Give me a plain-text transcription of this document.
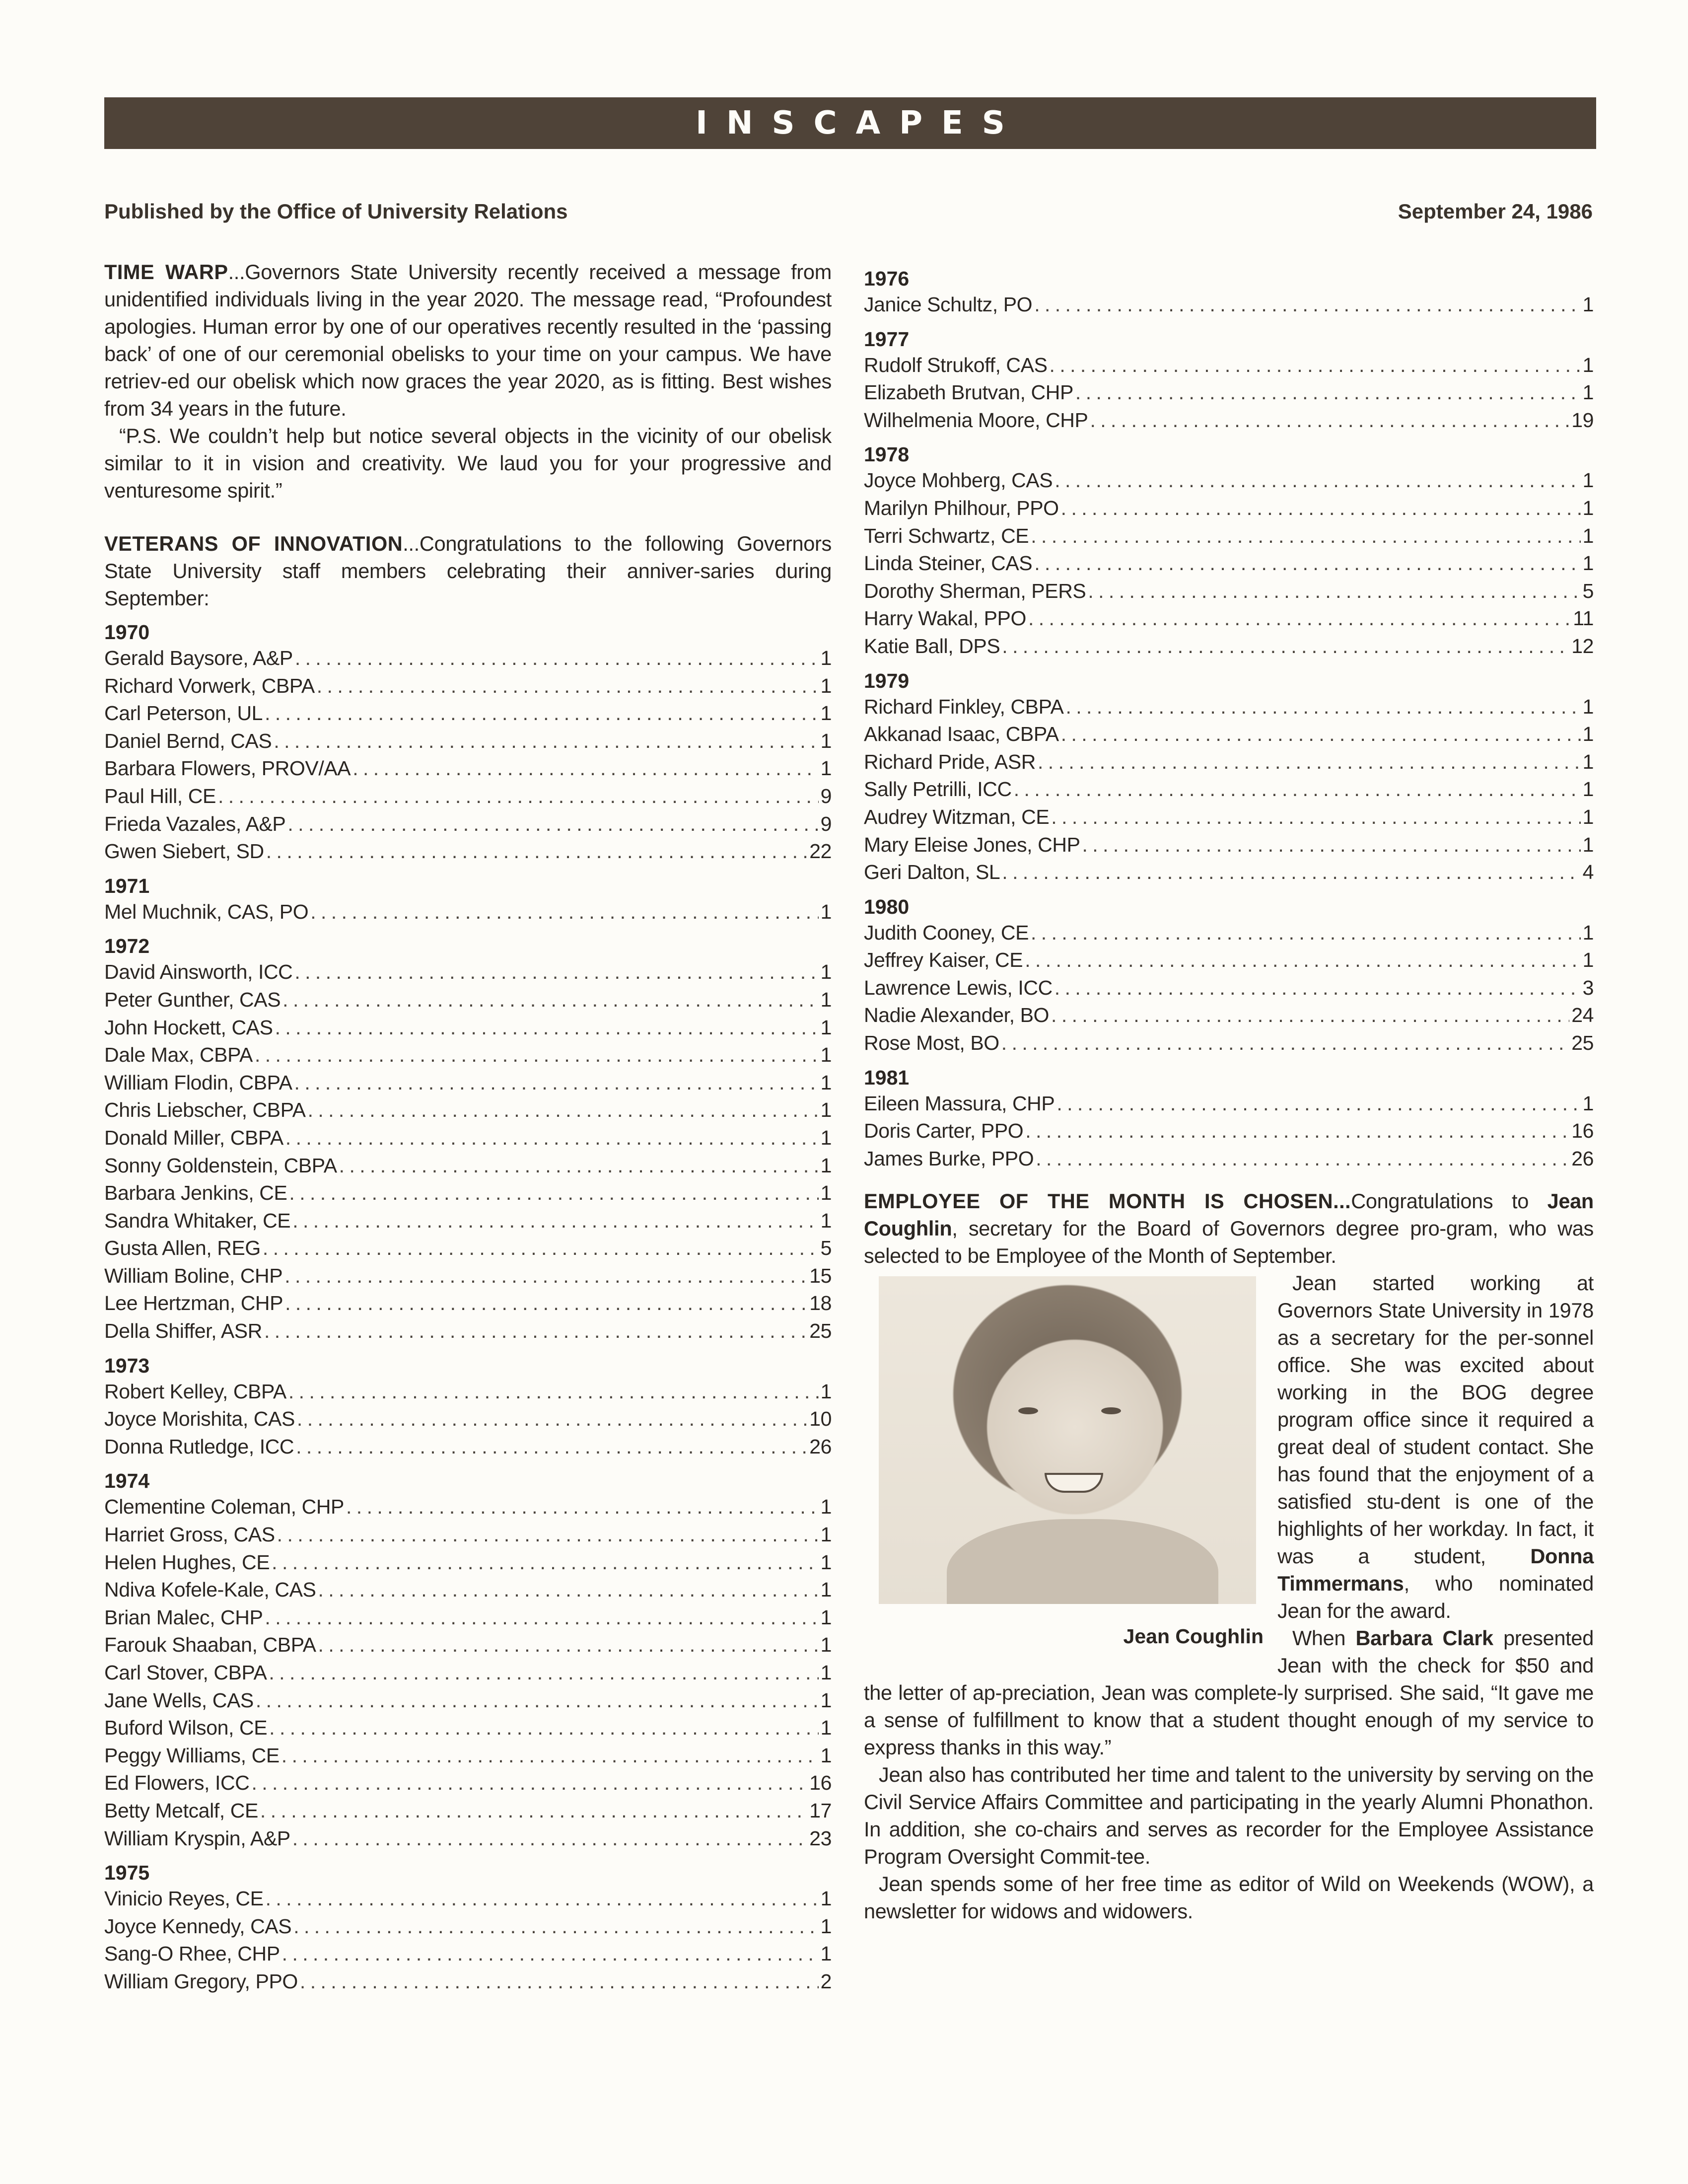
INSCAPES
Published by the Office of University Relations	September 24, 1986

TIME WARP...Governors State University recently received a message from unidentified individuals living in the year 2020. The message read, “Profoundest apologies. Human error by one of our operatives recently resulted in the ‘passing back’ of one of our ceremonial obelisks to your time on your campus. We have retriev-ed our obelisk which now graces the year 2020, as is fitting. Best wishes from 34 years in the future.

“P.S. We couldn’t help but notice several objects in the vicinity of our obelisk similar to it in vision and creativity. We laud you for your progressive and venturesome spirit.”

VETERANS OF INNOVATION...Congratulations to the following Governors State University staff members celebrating their anniver-saries during September:

1970
Gerald Baysore, A&P . . .	1
Richard Vorwerk, CBPA . . .	1
Carl Peterson, UL . . .	1
Daniel Bernd, CAS . . .	1
Barbara Flowers, PROV/AA . . .	1
Paul Hill, CE . . .	9
Frieda Vazales, A&P . . .	9
Gwen Siebert, SD . . .	22
1971
Mel Muchnik, CAS, PO . . .	1
1972
David Ainsworth, ICC . . .	1
Peter Gunther, CAS . . .	1
John Hockett, CAS . . .	1
Dale Max, CBPA . . .	1
William Flodin, CBPA . . .	1
Chris Liebscher, CBPA . . .	1
Donald Miller, CBPA . . .	1
Sonny Goldenstein, CBPA . . .	1
Barbara Jenkins, CE . . .	1
Sandra Whitaker, CE . . .	1
Gusta Allen, REG . . .	5
William Boline, CHP . . .	15
Lee Hertzman, CHP . . .	18
Della Shiffer, ASR . . .	25
1973
Robert Kelley, CBPA . . .	1
Joyce Morishita, CAS . . .	10
Donna Rutledge, ICC . . .	26
1974
Clementine Coleman, CHP . . .	1
Harriet Gross, CAS . . .	1
Helen Hughes, CE . . .	1
Ndiva Kofele-Kale, CAS . . .	1
Brian Malec, CHP . . .	1
Farouk Shaaban, CBPA . . .	1
Carl Stover, CBPA . . .	1
Jane Wells, CAS . . .	1
Buford Wilson, CE . . .	1
Peggy Williams, CE . . .	1
Ed Flowers, ICC . . .	16
Betty Metcalf, CE . . .	17
William Kryspin, A&P . . .	23
1975
Vinicio Reyes, CE . . .	1
Joyce Kennedy, CAS . . .	1
Sang-O Rhee, CHP . . .	1
William Gregory, PPO . . .	2
1976
Janice Schultz, PO . . .	1
1977
Rudolf Strukoff, CAS . . .	1
Elizabeth Brutvan, CHP . . .	1
Wilhelmenia Moore, CHP . . .	19
1978
Joyce Mohberg, CAS . . .	1
Marilyn Philhour, PPO . . .	1
Terri Schwartz, CE . . .	1
Linda Steiner, CAS . . .	1
Dorothy Sherman, PERS . . .	5
Harry Wakal, PPO . . .	11
Katie Ball, DPS . . .	12
1979
Richard Finkley, CBPA . . .	1
Akkanad Isaac, CBPA . . .	1
Richard Pride, ASR . . .	1
Sally Petrilli, ICC . . .	1
Audrey Witzman, CE . . .	1
Mary Eleise Jones, CHP . . .	1
Geri Dalton, SL . . .	4
1980
Judith Cooney, CE . . .	1
Jeffrey Kaiser, CE . . .	1
Lawrence Lewis, ICC . . .	3
Nadie Alexander, BO . . .	24
Rose Most, BO . . .	25
1981
Eileen Massura, CHP . . .	1
Doris Carter, PPO . . .	16
James Burke, PPO . . .	26

EMPLOYEE OF THE MONTH IS CHOSEN...Congratulations to Jean Coughlin, secretary for the Board of Governors degree pro-gram, who was selected to be Employee of the Month of September.

Jean Coughlin

Jean started working at Governors State University in 1978 as a secretary for the per-sonnel office. She was excited about working in the BOG degree program office since it required a great deal of student contact. She has found that the enjoyment of a satisfied stu-dent is one of the highlights of her workday. In fact, it was a student, Donna Timmermans, who nominated Jean for the award.

When Barbara Clark presented Jean with the check for $50 and the letter of ap-preciation, Jean was complete-ly surprised. She said, “It gave me a sense of fulfillment to know that a student thought enough of my service to express thanks in this way.”

Jean also has contributed her time and talent to the university by serving on the Civil Service Affairs Committee and participating in the yearly Alumni Phonathon. In addition, she co-chairs and serves as recorder for the Employee Assistance Program Oversight Commit-tee.

Jean spends some of her free time as editor of Wild on Weekends (WOW), a newsletter for widows and widowers.
